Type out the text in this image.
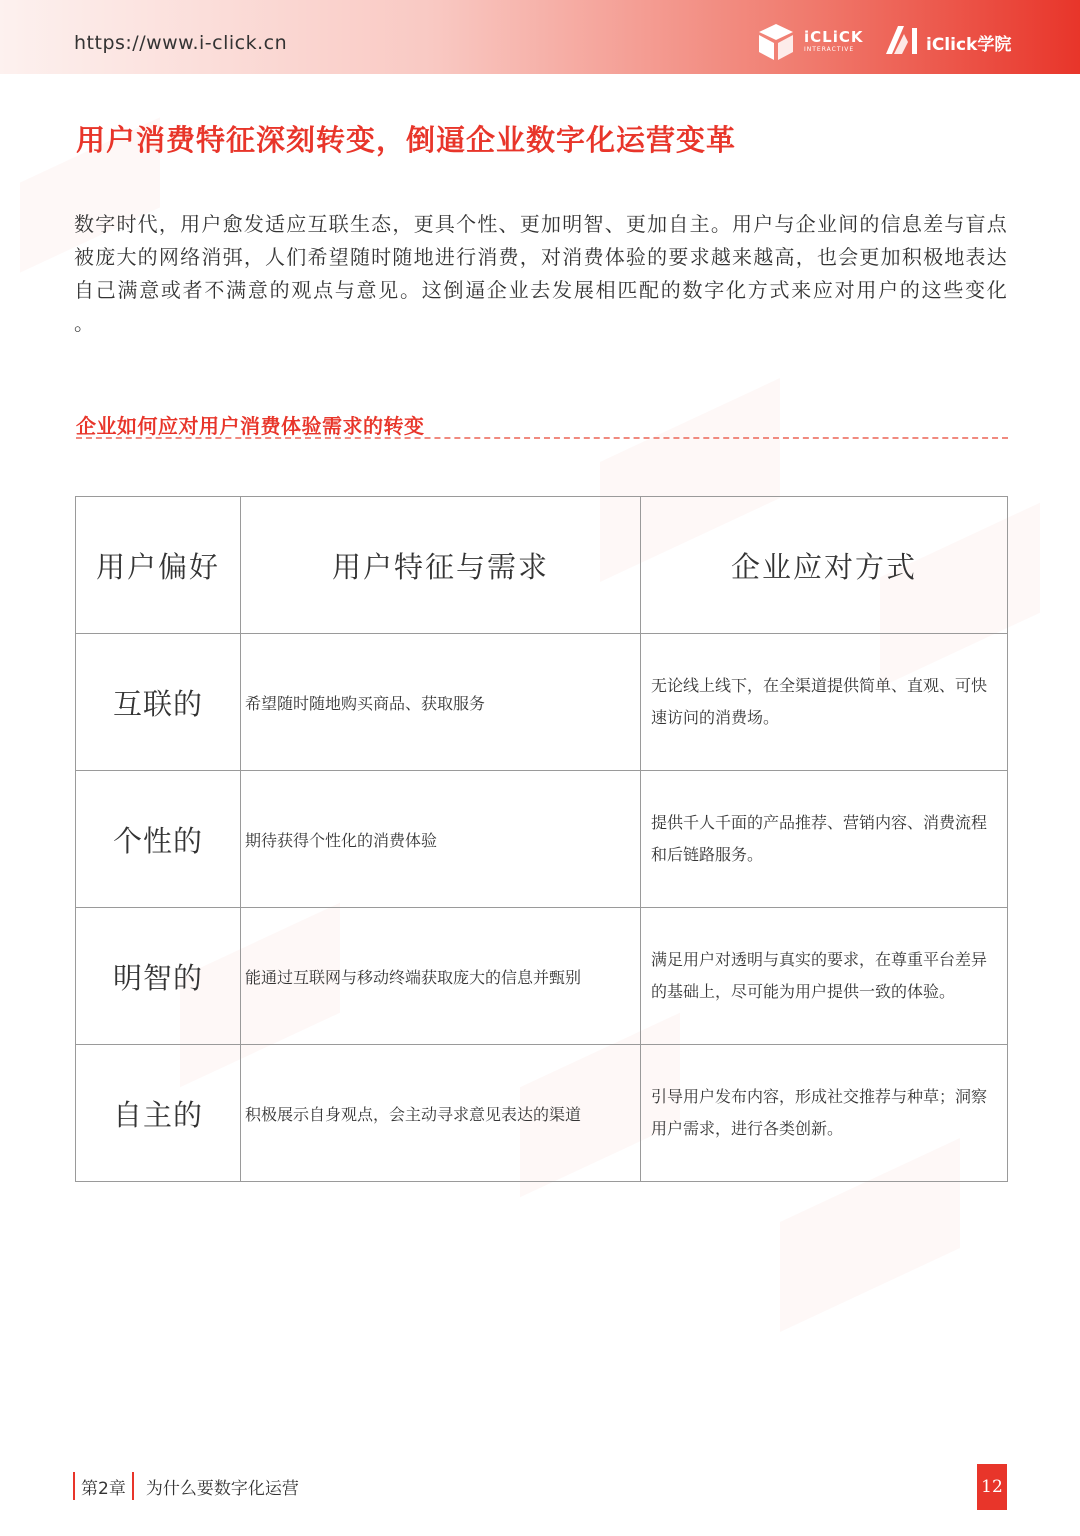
https://www.i-click.cn	iCLiCK
INTERACTIVE	iClick学院
用户消费特征深刻转变，倒逼企业数字化运营变革

数字时代，用户愈发适应互联生态，更具个性、更加明智、更加自主。用户与企业间的信息差与盲点被庞大的网络消弭，人们希望随时随地进行消费，对消费体验的要求越来越高，也会更加积极地表达自己满意或者不满意的观点与意见。这倒逼企业去发展相匹配的数字化方式来应对用户的这些变化 。

企业如何应对用户消费体验需求的转变
用户偏好	用户特征与需求	企业应对方式
互联的	希望随时随地购买商品、获取服务	无论线上线下，在全渠道提供简单、直观、可快速访问的消费场。
个性的	期待获得个性化的消费体验	提供千人千面的产品推荐、营销内容、消费流程和后链路服务。
明智的	能通过互联网与移动终端获取庞大的信息并甄别	满足用户对透明与真实的要求，在尊重平台差异的基础上，尽可能为用户提供一致的体验。
自主的	积极展示自身观点，会主动寻求意见表达的渠道	引导用户发布内容，形成社交推荐与种草；洞察用户需求，进行各类创新。
第2章	为什么要数字化运营	12
